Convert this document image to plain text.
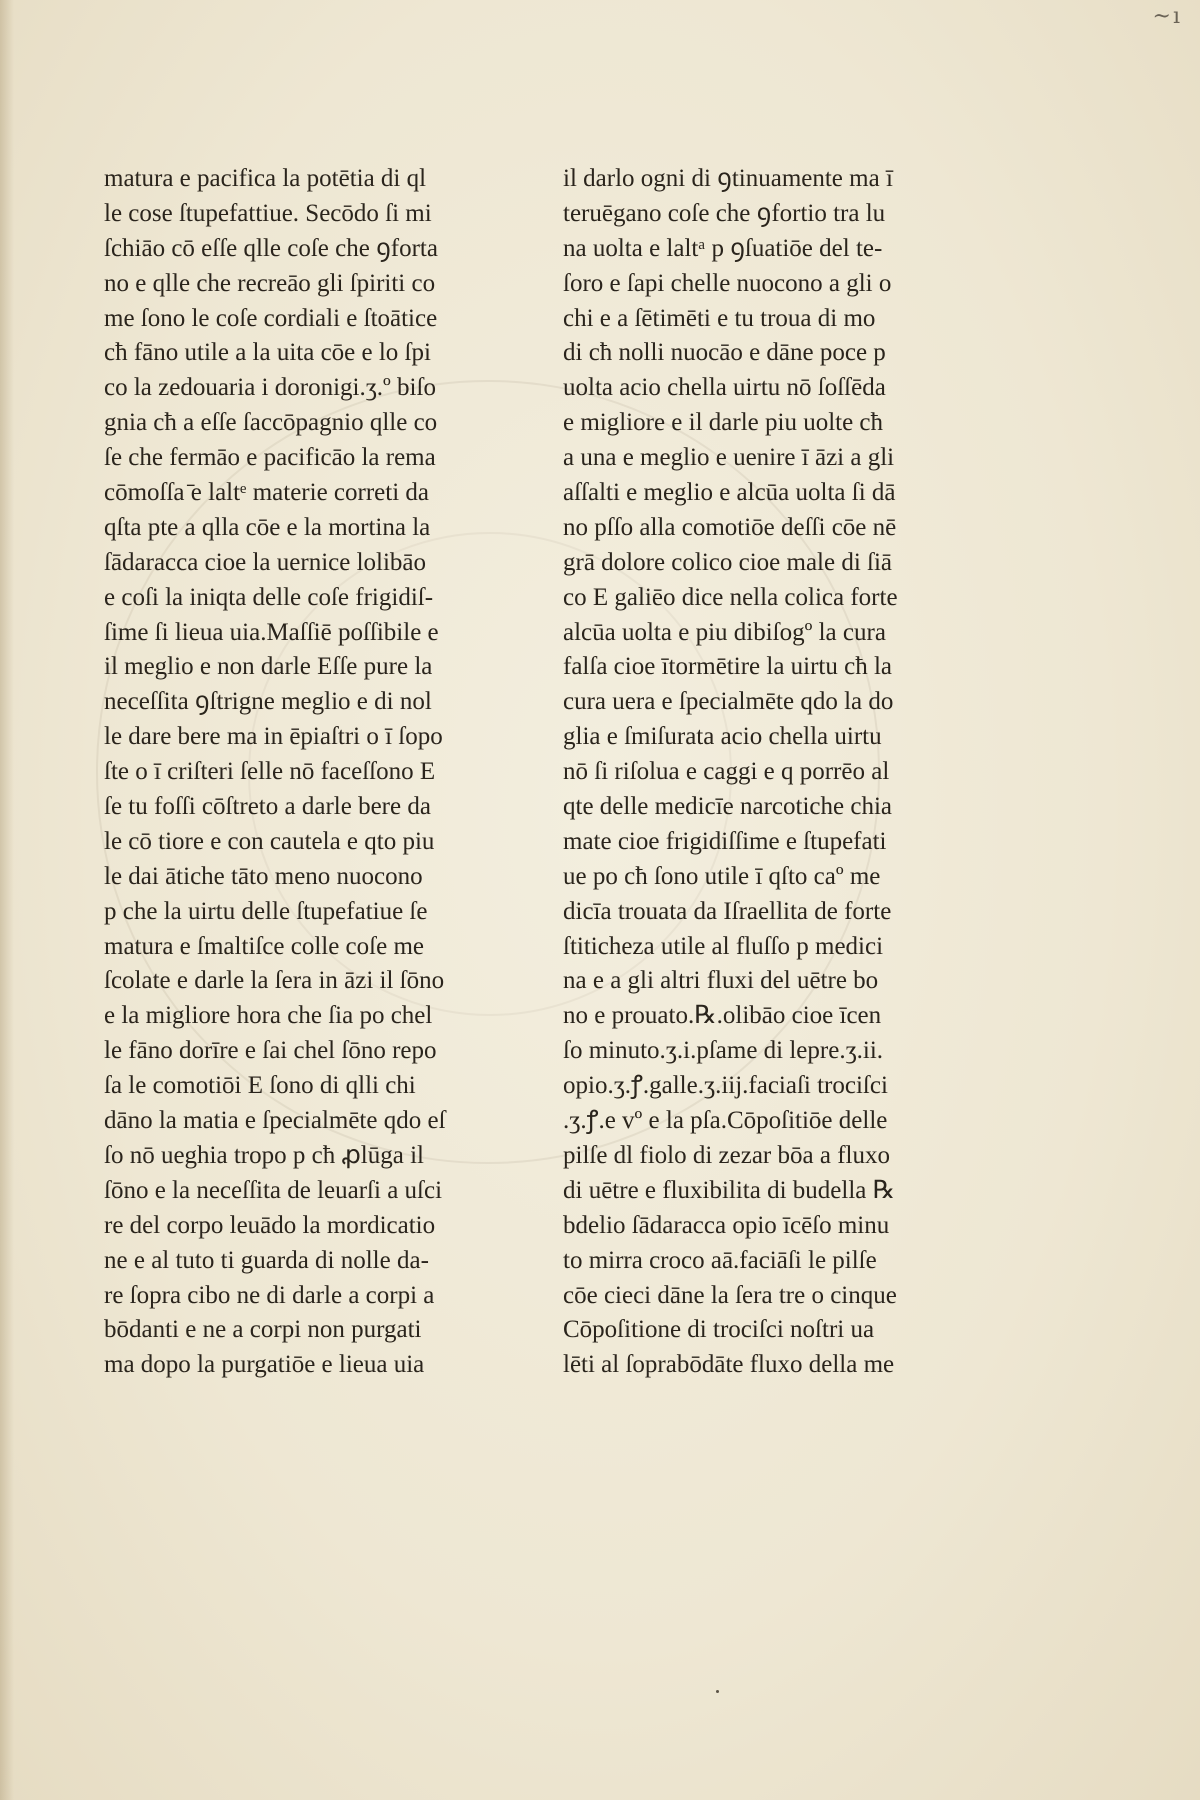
~ı
matura e pacifica la potētia di ql
le cose ſtupefattiue. Secōdo ſi mi
ſchiāo cō eſſe qlle coſe che ꝯforta
no e qlle che recreāo gli ſpiriti co
me ſono le coſe cordiali e ſtoātice
cħ fāno utile a la uita cōe e lo ſpi
co la zedouaria i doronigi.ʒ.º biſo
gnia cħ a eſſe ſaccōpagnio qlle co
ſe che fermāo e pacificāo la rema
cōmoſſa ̄e laltᵉ materie correti da
qſta pte a qlla cōe e la mortina la
ſādaracca cioe la uernice lolibāo
e coſi la iniqta delle coſe frigidiſ-
ſime ſi lieua uia.Maſſiē poſſibile e
il meglio e non darle Eſſe pure la
neceſſita ꝯſtrigne meglio e di nol
le dare bere ma in ēpiaſtri o ī ſopo
ſte o ī criſteri ſelle nō faceſſono E
ſe tu foſſi cōſtreto a darle bere da
le cō tiore e con cautela e qto piu
le dai ātiche tāto meno nuocono
p che la uirtu delle ſtupefatiue ſe
matura e ſmaltiſce colle coſe me
ſcolate e darle la ſera in āzi il ſōno
e la migliore hora che ſia po chel
le fāno dorīre e ſai chel ſōno repo
ſa le comotiōi E ſono di qlli chi
dāno la matia e ſpecialmēte qdo eſ
ſo nō ueghia tropo p cħ ꝓlūga il
ſōno e la neceſſita de leuarſi a uſci
re del corpo leuādo la mordicatio
ne e al tuto ti guarda di nolle da-
re ſopra cibo ne di darle a corpi a
bōdanti e ne a corpi non purgati
ma dopo la purgatiōe e lieua uia
il darlo ogni di ꝯtinuamente ma ī
teruēgano coſe che ꝯfortio tra lu
na uolta e laltᵃ p ꝯſuatiōe del te-
ſoro e ſapi chelle nuocono a gli o
chi e a ſētimēti e tu troua di mo
di cħ nolli nuocāo e dāne poce p
uolta acio chella uirtu nō ſoſſēda
e migliore e il darle piu uolte cħ
a una e meglio e uenire ī āzi a gli
aſſalti e meglio e alcūa uolta ſi dā
no pſſo alla comotiōe deſſi cōe nē
grā dolore colico cioe male di ſiā
co E galiēo dice nella colica forte
alcūa uolta e piu dibiſogº la cura
falſa cioe ītormētire la uirtu cħ la
cura uera e ſpecialmēte qdo la do
glia e ſmiſurata acio chella uirtu
nō ſi riſolua e caggi e q porrēo al
qte delle medicīe narcotiche chia
mate cioe frigidiſſime e ſtupefati
ue po cħ ſono utile ī qſto caº me
dicīa trouata da Iſraellita de forte
ſtiticheza utile al fluſſo p medici
na e a gli altri fluxi del uētre bo
no e prouato.℞.olibāo cioe īcen
ſo minuto.ʒ.i.pſame di lepre.ʒ.ii.
opio.ʒ.ꝭ.galle.ʒ.iij.faciaſi trociſci
.ʒ.ꝭ.e vº e la pſa.Cōpoſitiōe delle
pilſe dl fiolo di zezar bōa a fluxo
di uētre e fluxibilita di budella ℞
bdelio ſādaracca opio īcēſo minu
to mirra croco aā.faciāſi le pilſe
cōe cieci dāne la ſera tre o cinque
Cōpoſitione di trociſci noſtri ua
lēti al ſoprabōdāte fluxo della me
